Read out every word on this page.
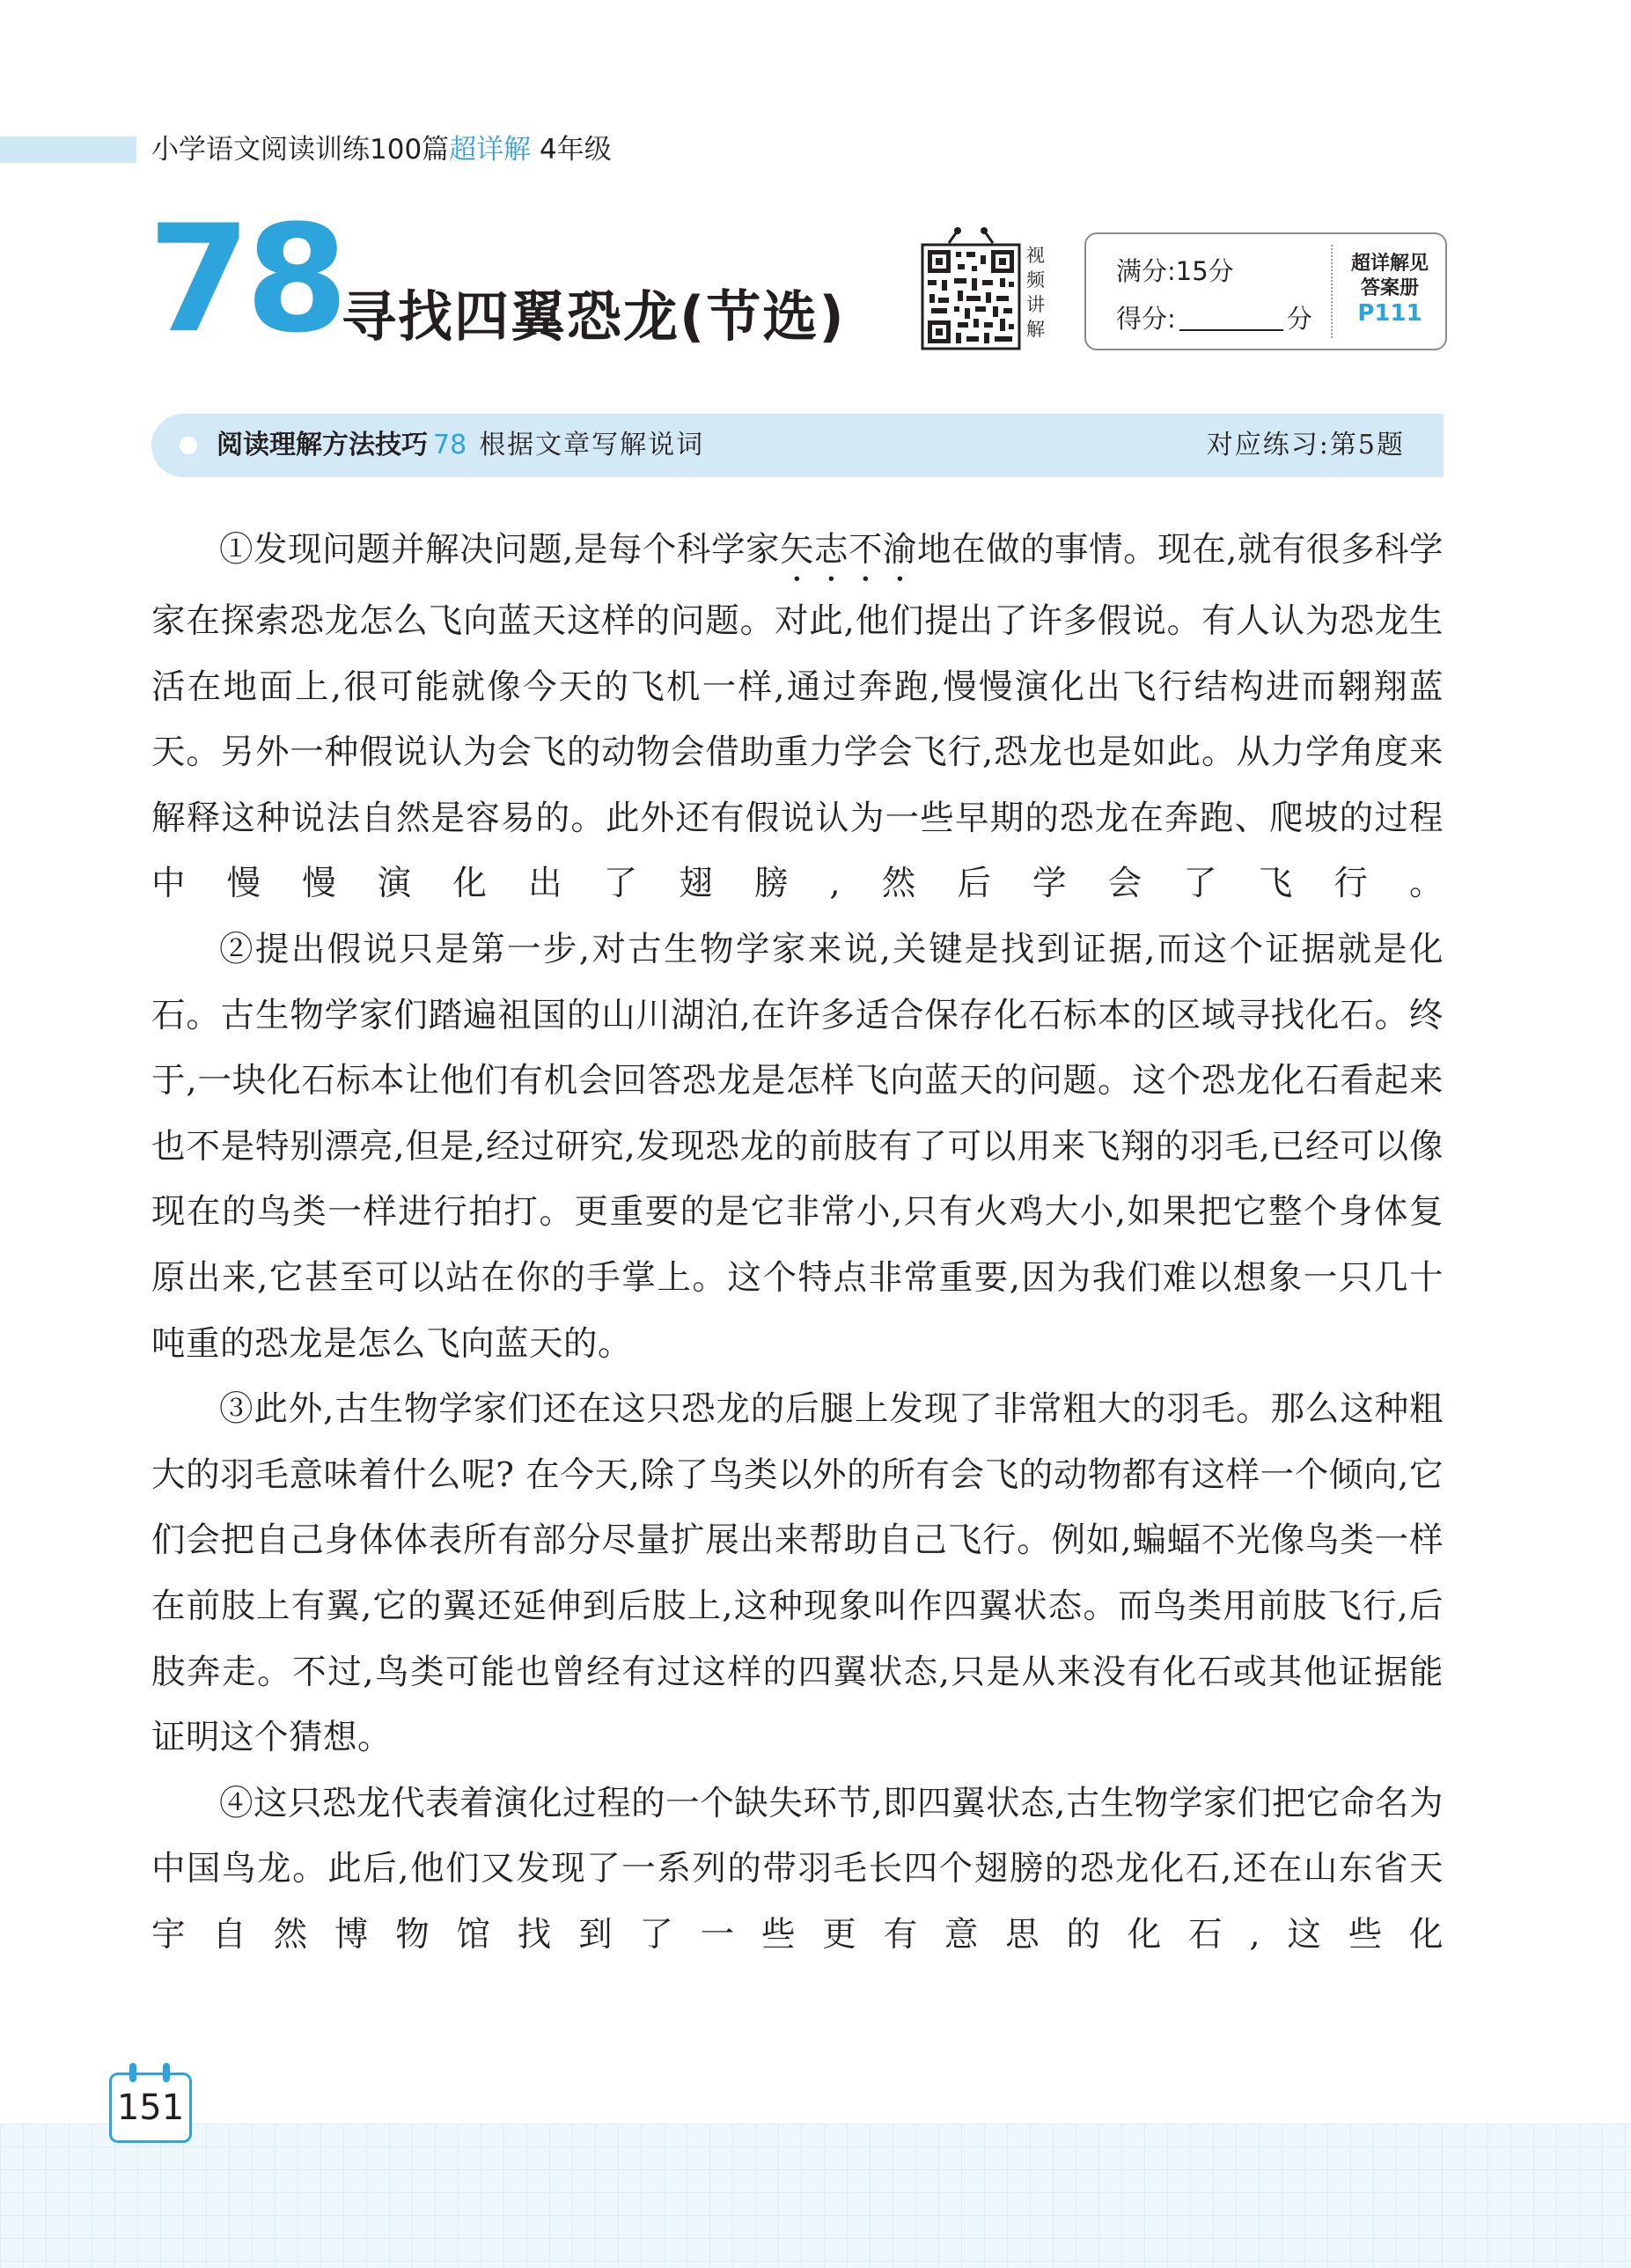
小学语文阅读训练100篇超详解 4年级
78
寻找四翼恐龙(节选)
视频讲解
满分:15分
得分:	分
超详解见
答案册
P111
阅读理解方法技巧 78 根据文章写解说词	对应练习:第5题

①发现问题并解决问题,是每个科学家矢志不渝地在做的事情。现在,就有很多科学家在探索恐龙怎么飞向蓝天这样的问题。对此,他们提出了许多假说。有人认为恐龙生活在地面上,很可能就像今天的飞机一样,通过奔跑,慢慢演化出飞行结构进而翱翔蓝天。另外一种假说认为会飞的动物会借助重力学会飞行,恐龙也是如此。从力学角度来解释这种说法自然是容易的。此外还有假说认为一些早期的恐龙在奔跑、爬坡的过程中慢慢演化出了翅膀,然后学会了飞行。

②提出假说只是第一步,对古生物学家来说,关键是找到证据,而这个证据就是化石。古生物学家们踏遍祖国的山川湖泊,在许多适合保存化石标本的区域寻找化石。终于,一块化石标本让他们有机会回答恐龙是怎样飞向蓝天的问题。这个恐龙化石看起来也不是特别漂亮,但是,经过研究,发现恐龙的前肢有了可以用来飞翔的羽毛,已经可以像现在的鸟类一样进行拍打。更重要的是它非常小,只有火鸡大小,如果把它整个身体复原出来,它甚至可以站在你的手掌上。这个特点非常重要,因为我们难以想象一只几十吨重的恐龙是怎么飞向蓝天的。

③此外,古生物学家们还在这只恐龙的后腿上发现了非常粗大的羽毛。那么这种粗大的羽毛意味着什么呢? 在今天,除了鸟类以外的所有会飞的动物都有这样一个倾向,它们会把自己身体体表所有部分尽量扩展出来帮助自己飞行。例如,蝙蝠不光像鸟类一样在前肢上有翼,它的翼还延伸到后肢上,这种现象叫作四翼状态。而鸟类用前肢飞行,后肢奔走。不过,鸟类可能也曾经有过这样的四翼状态,只是从来没有化石或其他证据能证明这个猜想。

④这只恐龙代表着演化过程的一个缺失环节,即四翼状态,古生物学家们把它命名为中国鸟龙。此后,他们又发现了一系列的带羽毛长四个翅膀的恐龙化石,还在山东省天宇自然博物馆找到了一些更有意思的化石,这些化

151
